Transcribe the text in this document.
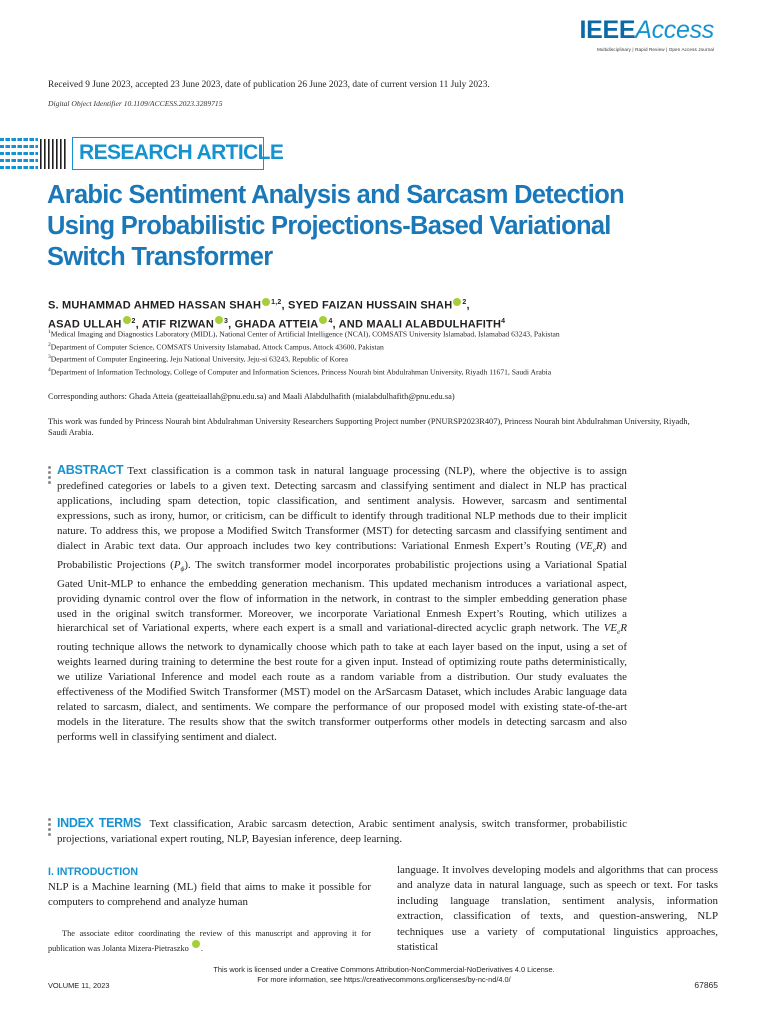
IEEEAccess
Multidisciplinary | Rapid Review | Open Access Journal
Received 9 June 2023, accepted 23 June 2023, date of publication 26 June 2023, date of current version 11 July 2023.
Digital Object Identifier 10.1109/ACCESS.2023.3289715
RESEARCH ARTICLE
Arabic Sentiment Analysis and Sarcasm Detection
Using Probabilistic Projections-Based Variational
Switch Transformer
S. MUHAMMAD AHMED HASSAN SHAH $^{1,2}$, SYED FAIZAN HUSSAIN SHAH $^2$,
ASAD ULLAH $^2$, ATIF RIZWAN $^3$, GHADA ATTEIA $^4$, AND MAALI ALABDULHAFITH$^4$

$^1$Medical Imaging and Diagnostics Laboratory (MIDL), National Center of Artificial Intelligence (NCAI), COMSATS University Islamabad, Islamabad 63243, Pakistan

$^2$Department of Computer Science, COMSATS University Islamabad, Attock Campus, Attock 43600, Pakistan

$^3$Department of Computer Engineering, Jeju National University, Jeju-si 63243, Republic of Korea

$^4$Department of Information Technology, College of Computer and Information Sciences, Princess Nourah bint Abdulrahman University, Riyadh 11671, Saudi Arabia

Corresponding authors: Ghada Atteia (geatteiaallah@pnu.edu.sa) and Maali Alabdulhafith (mialabdulhafith@pnu.edu.sa)
This work was funded by Princess Nourah bint Abdulrahman University Researchers Supporting Project number (PNURSP2023R407), Princess Nourah bint Abdulrahman University, Riyadh, Saudi Arabia.

ABSTRACT Text classification is a common task in natural language processing (NLP), where the objective is to assign predefined categories or labels to a given text. Detecting sarcasm and classifying sentiment and dialect in NLP has practical applications, including spam detection, topic classification, and sentiment analysis. However, sarcasm and sentimental expressions, such as irony, humor, or criticism, can be difficult to identify through traditional NLP methods due to their implicit nature. To address this, we propose a Modified Switch Transformer (MST) for detecting sarcasm and classifying sentiment and dialect in Arabic text data. Our approach includes two key contributions: Variational Enmesh Expert’s Routing $(VE_eR)$ and Probabilistic Projections $(P_\phi)$. The switch transformer model incorporates probabilistic projections using a Variational Spatial Gated Unit-MLP to enhance the embedding generation mechanism. This updated mechanism introduces a variational aspect, providing dynamic control over the flow of information in the network, in contrast to the simpler embedding generation phase used in the original switch transformer. Moreover, we incorporate Variational Enmesh Expert’s Routing, which utilizes a hierarchical set of Variational experts, where each expert is a small and variational-directed acyclic graph network. The $VE_eR$ routing technique allows the network to dynamically choose which path to take at each layer based on the input, using a set of weights learned during training to determine the best route for a given input. Instead of optimizing route paths deterministically, we utilize Variational Inference and model each route as a random variable from a distribution. Our study evaluates the effectiveness of the Modified Switch Transformer (MST) model on the ArSarcasm Dataset, which includes Arabic language data related to sarcasm, dialect, and sentiments. We compare the performance of our proposed model with existing state-of-the-art models in the literature. The results show that the switch transformer outperforms other models in detecting sarcasm and also performs well in classifying sentiment and dialect.

INDEX TERMS Text classification, Arabic sarcasm detection, Arabic sentiment analysis, switch transformer, probabilistic projections, variational expert routing, NLP, Bayesian inference, deep learning.

I. INTRODUCTION

NLP is a Machine learning (ML) field that aims to make it possible for computers to comprehend and analyze human

The associate editor coordinating the review of this manuscript and approving it for publication was Jolanta Mizera-Pietraszko .

language. It involves developing models and algorithms that can process and analyze data in natural language, such as speech or text. For tasks including language translation, sentiment analysis, information extraction, classification of texts, and question-answering, NLP techniques use a variety of computational linguistics approaches, statistical

This work is licensed under a Creative Commons Attribution-NonCommercial-NoDerivatives 4.0 License.

For more information, see https://creativecommons.org/licenses/by-nc-nd/4.0/

VOLUME 11, 2023	67865
